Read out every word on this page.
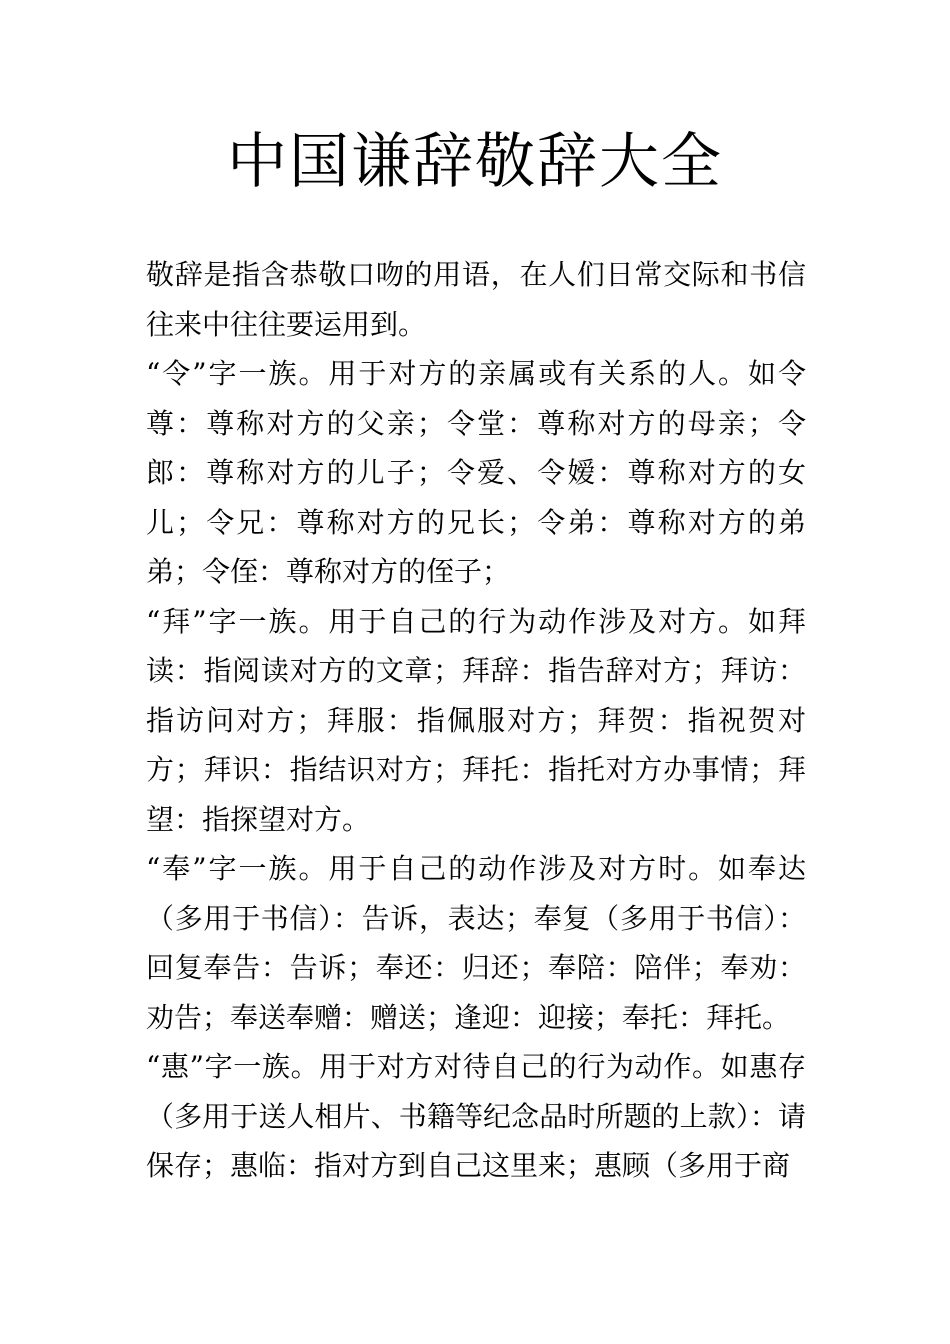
中国谦辞敬辞大全

敬辞是指含恭敬口吻的用语，在人们日常交际和书信往来中往往要运用到。

“令”字一族。用于对方的亲属或有关系的人。如令尊：尊称对方的父亲；令堂：尊称对方的母亲；令郎：尊称对方的儿子；令爱、令嫒：尊称对方的女儿；令兄：尊称对方的兄长；令弟：尊称对方的弟弟；令侄：尊称对方的侄子；

“拜”字一族。用于自己的行为动作涉及对方。如拜读：指阅读对方的文章；拜辞：指告辞对方；拜访：指访问对方；拜服：指佩服对方；拜贺：指祝贺对方；拜识：指结识对方；拜托：指托对方办事情；拜望：指探望对方。

“奉”字一族。用于自己的动作涉及对方时。如奉达（多用于书信）：告诉，表达；奉复（多用于书信）：回复奉告：告诉；奉还：归还；奉陪：陪伴；奉劝：劝告；奉送奉赠：赠送；逢迎：迎接；奉托：拜托。

“惠”字一族。用于对方对待自己的行为动作。如惠存（多用于送人相片、书籍等纪念品时所题的上款）：请保存；惠临：指对方到自己这里来；惠顾（多用于商
